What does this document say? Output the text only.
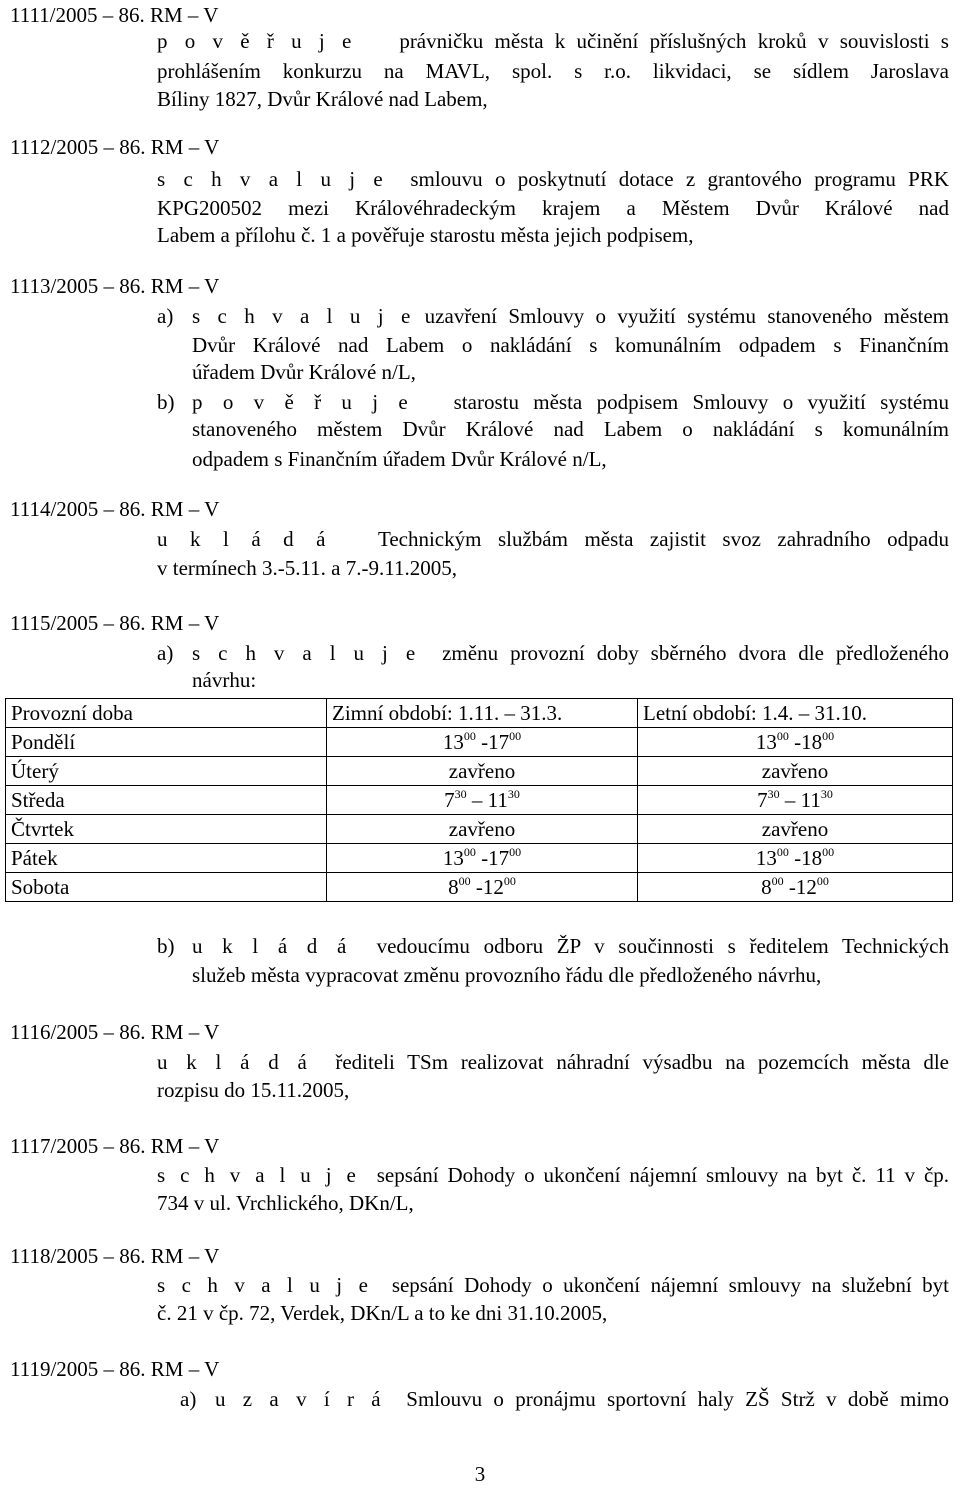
1111/2005 – 86. RM – V
p o v ě ř u j e právničku města k učinění příslušných kroků v souvislosti s
prohlášením konkurzu na MAVL, spol. s r.o. likvidaci, se sídlem Jaroslava
Bíliny 1827, Dvůr Králové nad Labem,
1112/2005 – 86. RM – V
s c h v a l u j e smlouvu o poskytnutí dotace z grantového programu PRK
KPG200502 mezi Královéhradeckým krajem a Městem Dvůr Králové nad
Labem a přílohu č. 1 a pověřuje starostu města jejich podpisem,
1113/2005 – 86. RM – V
a) s c h v a l u j e uzavření Smlouvy o využití systému stanoveného městem
Dvůr Králové nad Labem o nakládání s komunálním odpadem s Finančním
úřadem Dvůr Králové n/L,
b) p o v ě ř u j e starostu města podpisem Smlouvy o využití systému
stanoveného městem Dvůr Králové nad Labem o nakládání s komunálním
odpadem s Finančním úřadem Dvůr Králové n/L,
1114/2005 – 86. RM – V
u k l á d á Technickým službám města zajistit svoz zahradního odpadu
v termínech 3.-5.11. a 7.-9.11.2005,
1115/2005 – 86. RM – V
a) s c h v a l u j e změnu provozní doby sběrného dvora dle předloženého
návrhu:
Provozní doba	Zimní období: 1.11. – 31.3.	Letní období: 1.4. – 31.10.
Pondělí	$13^{00}$ $-17^{00}$	$13^{00}$ $-18^{00}$
Úterý	zavřeno	zavřeno
Středa	$7^{30} - 11^{30}$	$7^{30} - 11^{30}$
Čtvrtek	zavřeno	zavřeno
Pátek	$13^{00}$ $-17^{00}$	$13^{00}$ $-18^{00}$
Sobota	$8^{00}$ $-12^{00}$	$8^{00}$ $-12^{00}$
b) u k l á d á vedoucímu odboru ŽP v součinnosti s ředitelem Technických
služeb města vypracovat změnu provozního řádu dle předloženého návrhu,
1116/2005 – 86. RM – V
u k l á d á řediteli TSm realizovat náhradní výsadbu na pozemcích města dle
rozpisu do 15.11.2005,
1117/2005 – 86. RM – V
s c h v a l u j e sepsání Dohody o ukončení nájemní smlouvy na byt č. 11 v čp.
734 v ul. Vrchlického, DKn/L,
1118/2005 – 86. RM – V
s c h v a l u j e sepsání Dohody o ukončení nájemní smlouvy na služební byt
č. 21 v čp. 72, Verdek, DKn/L a to ke dni 31.10.2005,
1119/2005 – 86. RM – V
a) u z a v í r á Smlouvu o pronájmu sportovní haly ZŠ Strž v době mimo
3
